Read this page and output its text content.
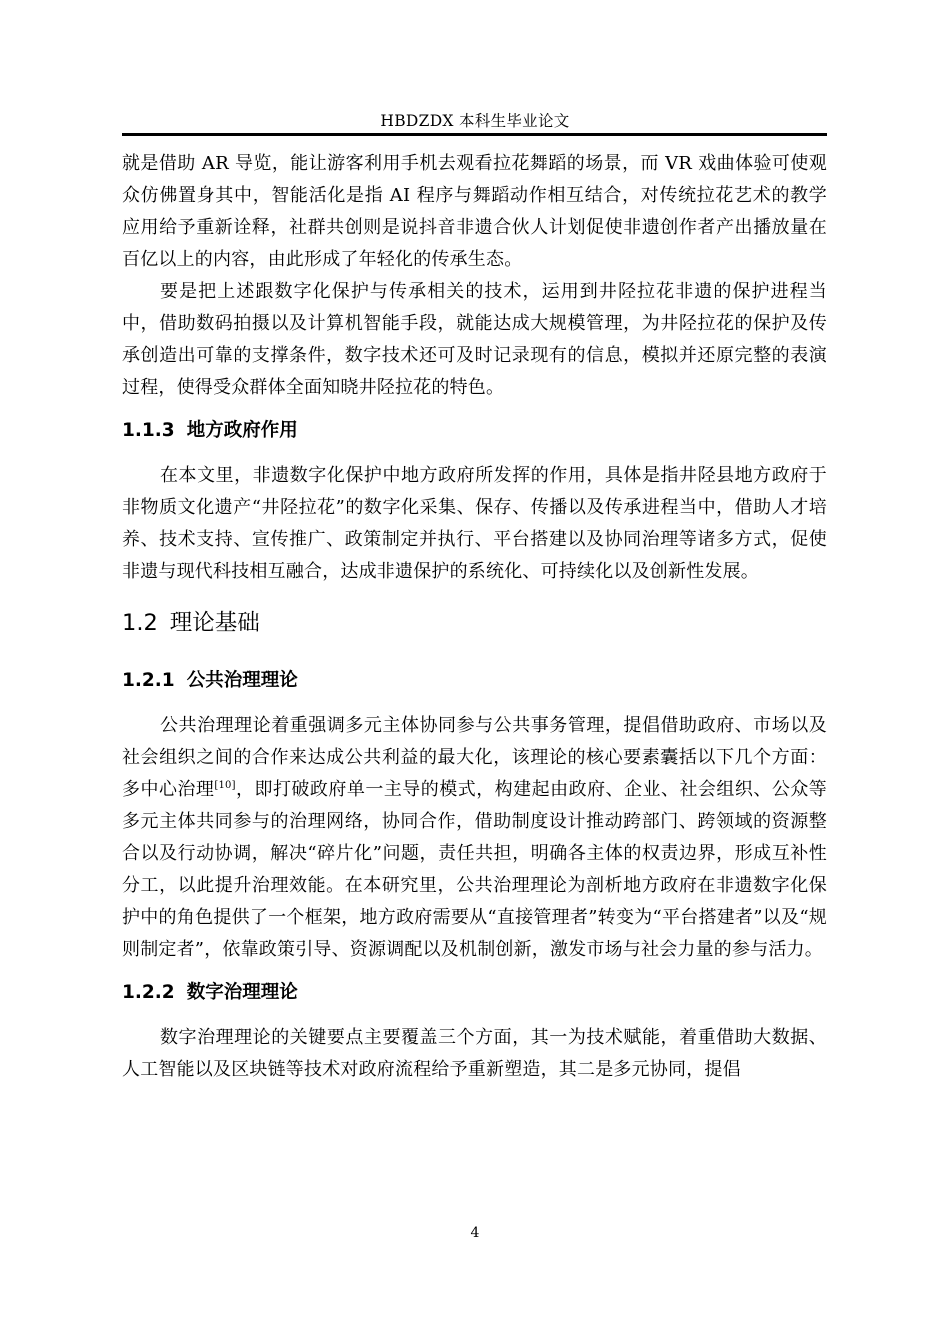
HBDZDX 本科生毕业论文

就是借助 AR 导览，能让游客利用手机去观看拉花舞蹈的场景，而 VR 戏曲体验可使观众仿佛置身其中，智能活化是指 AI 程序与舞蹈动作相互结合，对传统拉花艺术的教学应用给予重新诠释，社群共创则是说抖音非遗合伙人计划促使非遗创作者产出播放量在百亿以上的内容，由此形成了年轻化的传承生态。

要是把上述跟数字化保护与传承相关的技术，运用到井陉拉花非遗的保护进程当中，借助数码拍摄以及计算机智能手段，就能达成大规模管理，为井陉拉花的保护及传承创造出可靠的支撑条件，数字技术还可及时记录现有的信息，模拟并还原完整的表演过程，使得受众群体全面知晓井陉拉花的特色。

1.1.3 地方政府作用

在本文里，非遗数字化保护中地方政府所发挥的作用，具体是指井陉县地方政府于非物质文化遗产“井陉拉花”的数字化采集、保存、传播以及传承进程当中，借助人才培养、技术支持、宣传推广、政策制定并执行、平台搭建以及协同治理等诸多方式，促使非遗与现代科技相互融合，达成非遗保护的系统化、可持续化以及创新性发展。

1.2 理论基础
1.2.1 公共治理理论

公共治理理论着重强调多元主体协同参与公共事务管理，提倡借助政府、市场以及社会组织之间的合作来达成公共利益的最大化，该理论的核心要素囊括以下几个方面：多中心治理[10]，即打破政府单一主导的模式，构建起由政府、企业、社会组织、公众等多元主体共同参与的治理网络，协同合作，借助制度设计推动跨部门、跨领域的资源整合以及行动协调，解决“碎片化”问题，责任共担，明确各主体的权责边界，形成互补性分工，以此提升治理效能。在本研究里，公共治理理论为剖析地方政府在非遗数字化保护中的角色提供了一个框架，地方政府需要从“直接管理者”转变为“平台搭建者”以及“规则制定者”，依靠政策引导、资源调配以及机制创新，激发市场与社会力量的参与活力。

1.2.2 数字治理理论

数字治理理论的关键要点主要覆盖三个方面，其一为技术赋能，着重借助大数据、人工智能以及区块链等技术对政府流程给予重新塑造，其二是多元协同，提倡

4
